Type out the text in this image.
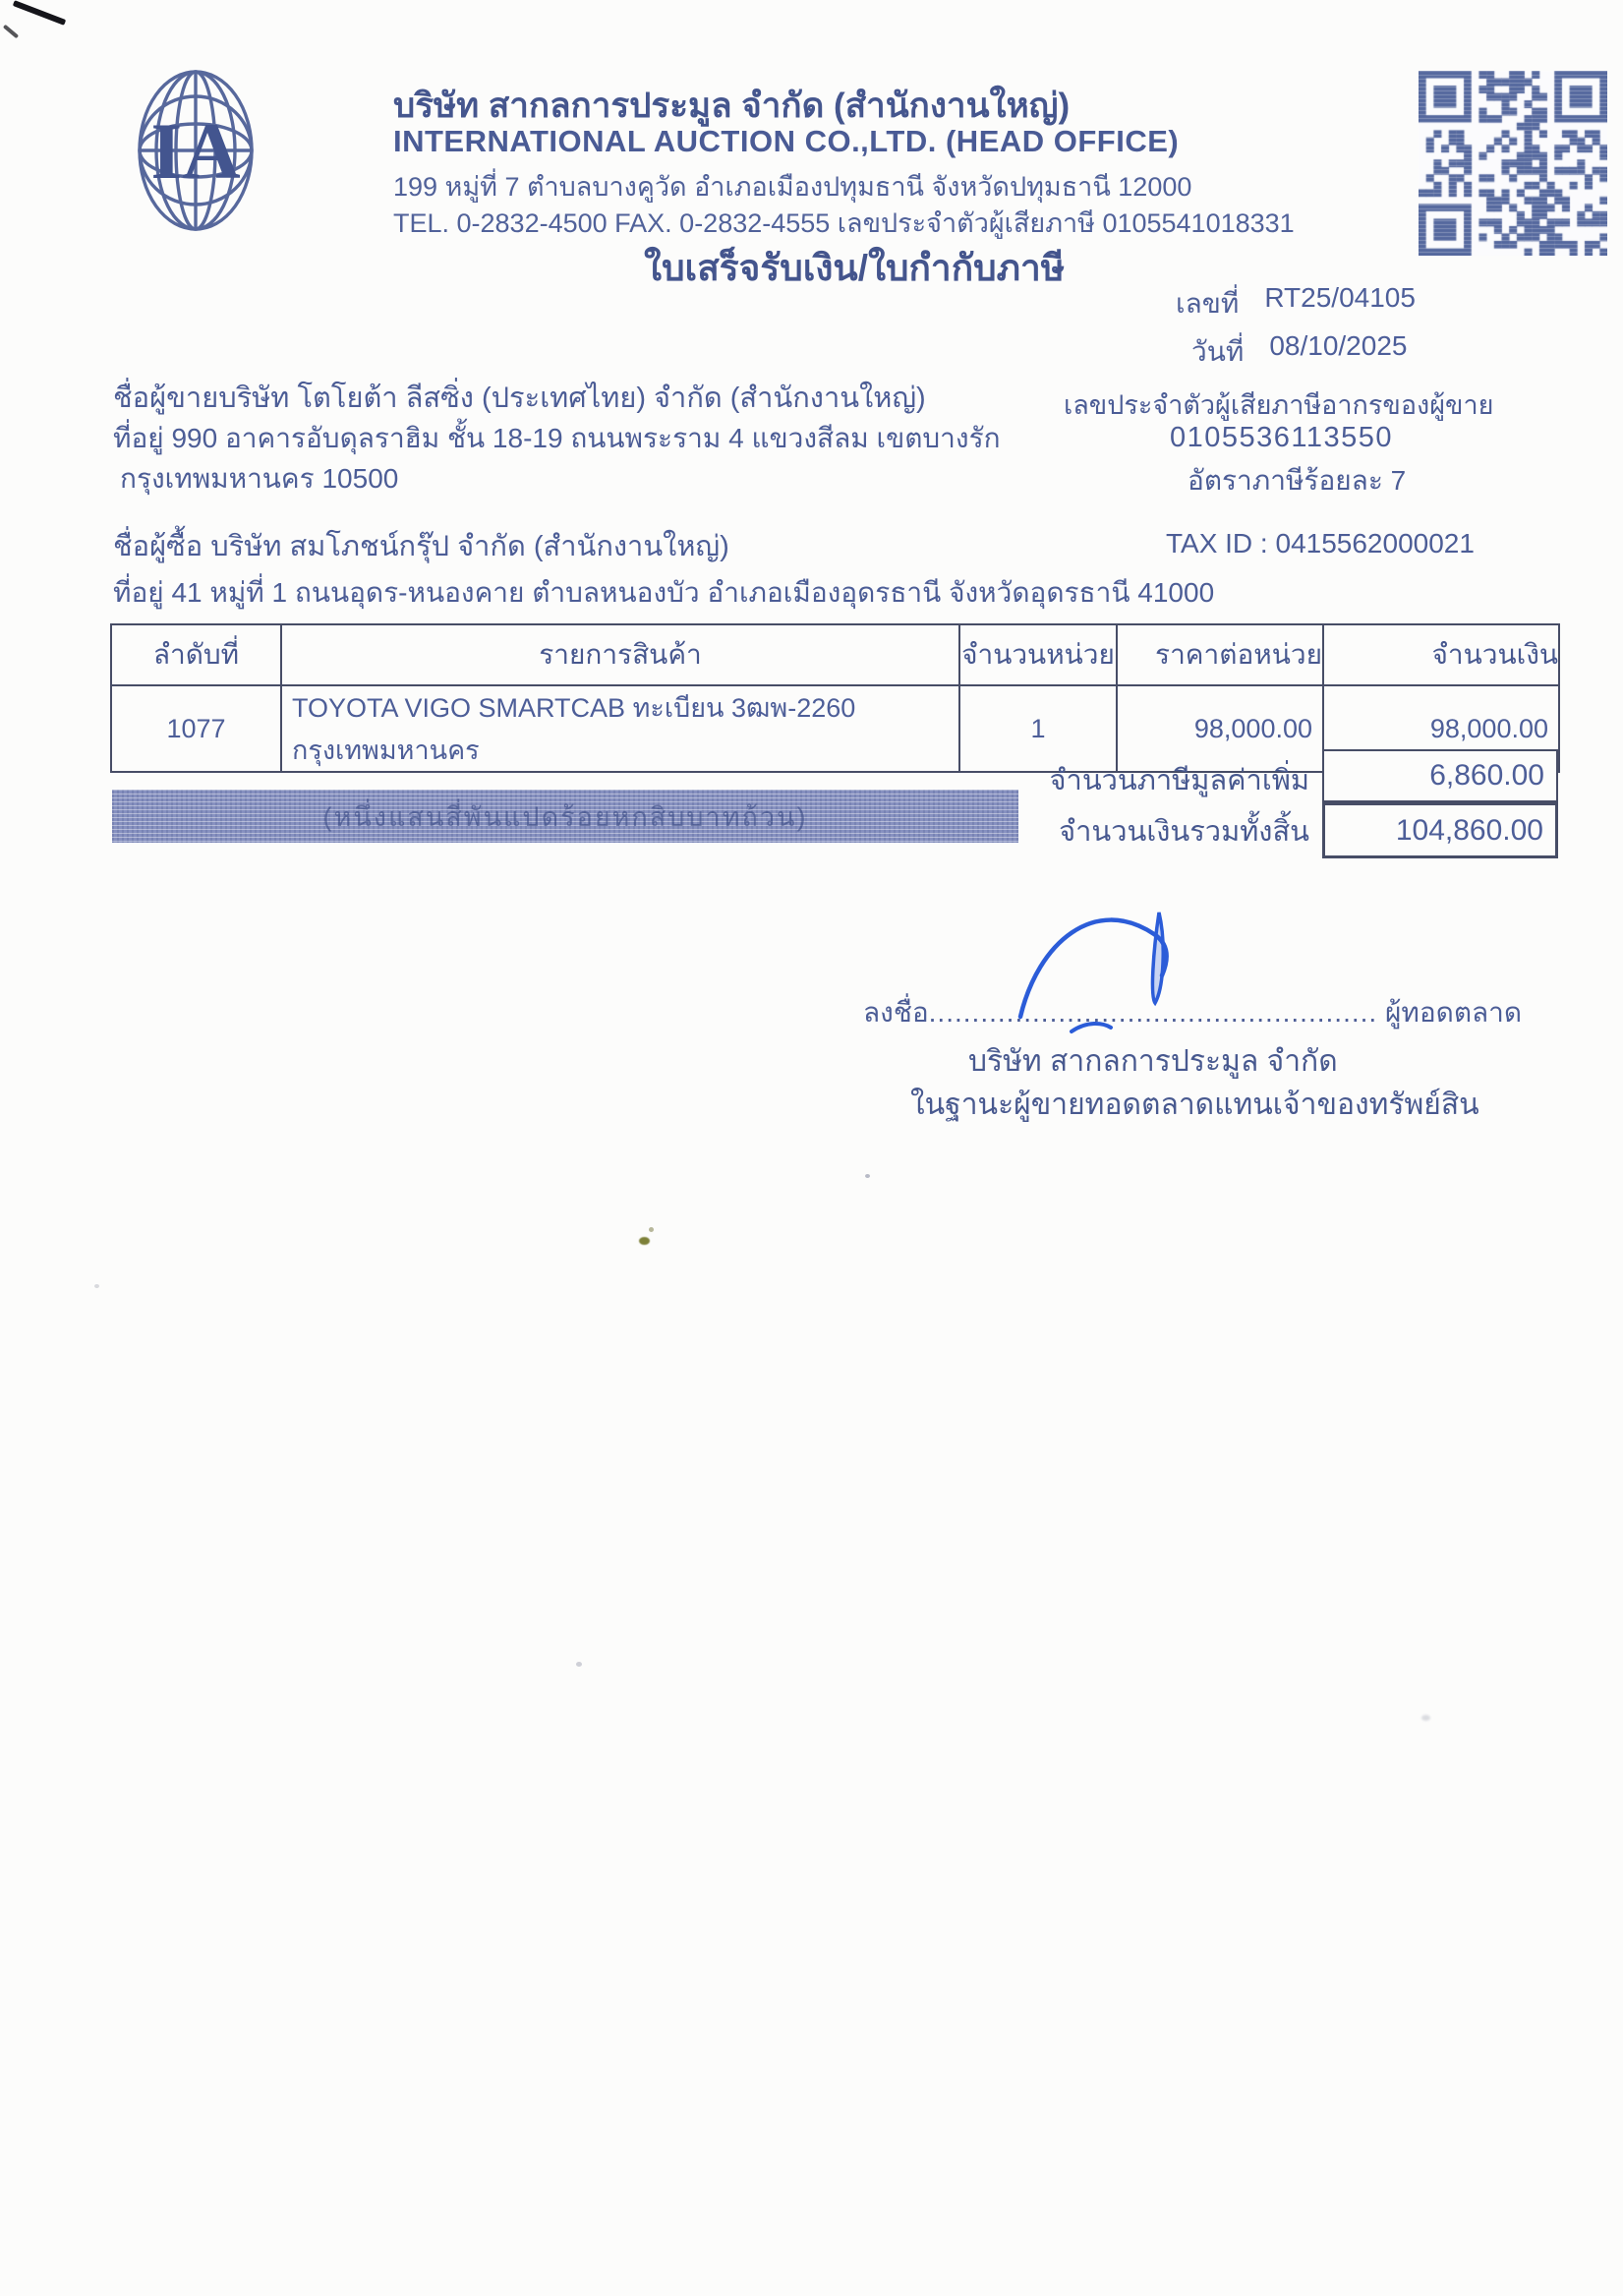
IA
บริษัท สากลการประมูล จำกัด (สำนักงานใหญ่)
INTERNATIONAL AUCTION CO.,LTD. (HEAD OFFICE)
199 หมู่ที่ 7 ตำบลบางคูวัด อำเภอเมืองปทุมธานี จังหวัดปทุมธานี 12000
TEL. 0-2832-4500 FAX. 0-2832-4555 เลขประจำตัวผู้เสียภาษี 0105541018331
ใบเสร็จรับเงิน/ใบกำกับภาษี
เลขที่ RT25/04105
วันที่ 08/10/2025
ชื่อผู้ขายบริษัท โตโยต้า ลีสซิ่ง (ประเทศไทย) จำกัด (สำนักงานใหญ่)	เลขประจำตัวผู้เสียภาษีอากรของผู้ขาย
ที่อยู่ 990 อาคารอับดุลราฮิม ชั้น 18-19 ถนนพระราม 4 แขวงสีลม เขตบางรัก	0105536113550
กรุงเทพมหานคร 10500	อัตราภาษีร้อยละ 7
ชื่อผู้ซื้อ บริษัท สมโภชน์กรุ๊ป จำกัด (สำนักงานใหญ่)	TAX ID : 0415562000021
ที่อยู่ 41 หมู่ที่ 1 ถนนอุดร-หนองคาย ตำบลหนองบัว อำเภอเมืองอุดรธานี จังหวัดอุดรธานี 41000
ลำดับที่	รายการสินค้า	จำนวนหน่วย	ราคาต่อหน่วย	จำนวนเงิน
1077	TOYOTA VIGO SMARTCAB ทะเบียน 3ฒพ-2260 กรุงเทพมหานคร	1	98,000.00	98,000.00
จำนวนภาษีมูลค่าเพิ่ม	6,860.00
(หนึ่งแสนสี่พันแปดร้อยหกสิบบาทถ้วน)	จำนวนเงินรวมทั้งสิ้น	104,860.00
ลงชื่อ.................................................... ผู้ทอดตลาด
บริษัท สากลการประมูล จำกัด
ในฐานะผู้ขายทอดตลาดแทนเจ้าของทรัพย์สิน
